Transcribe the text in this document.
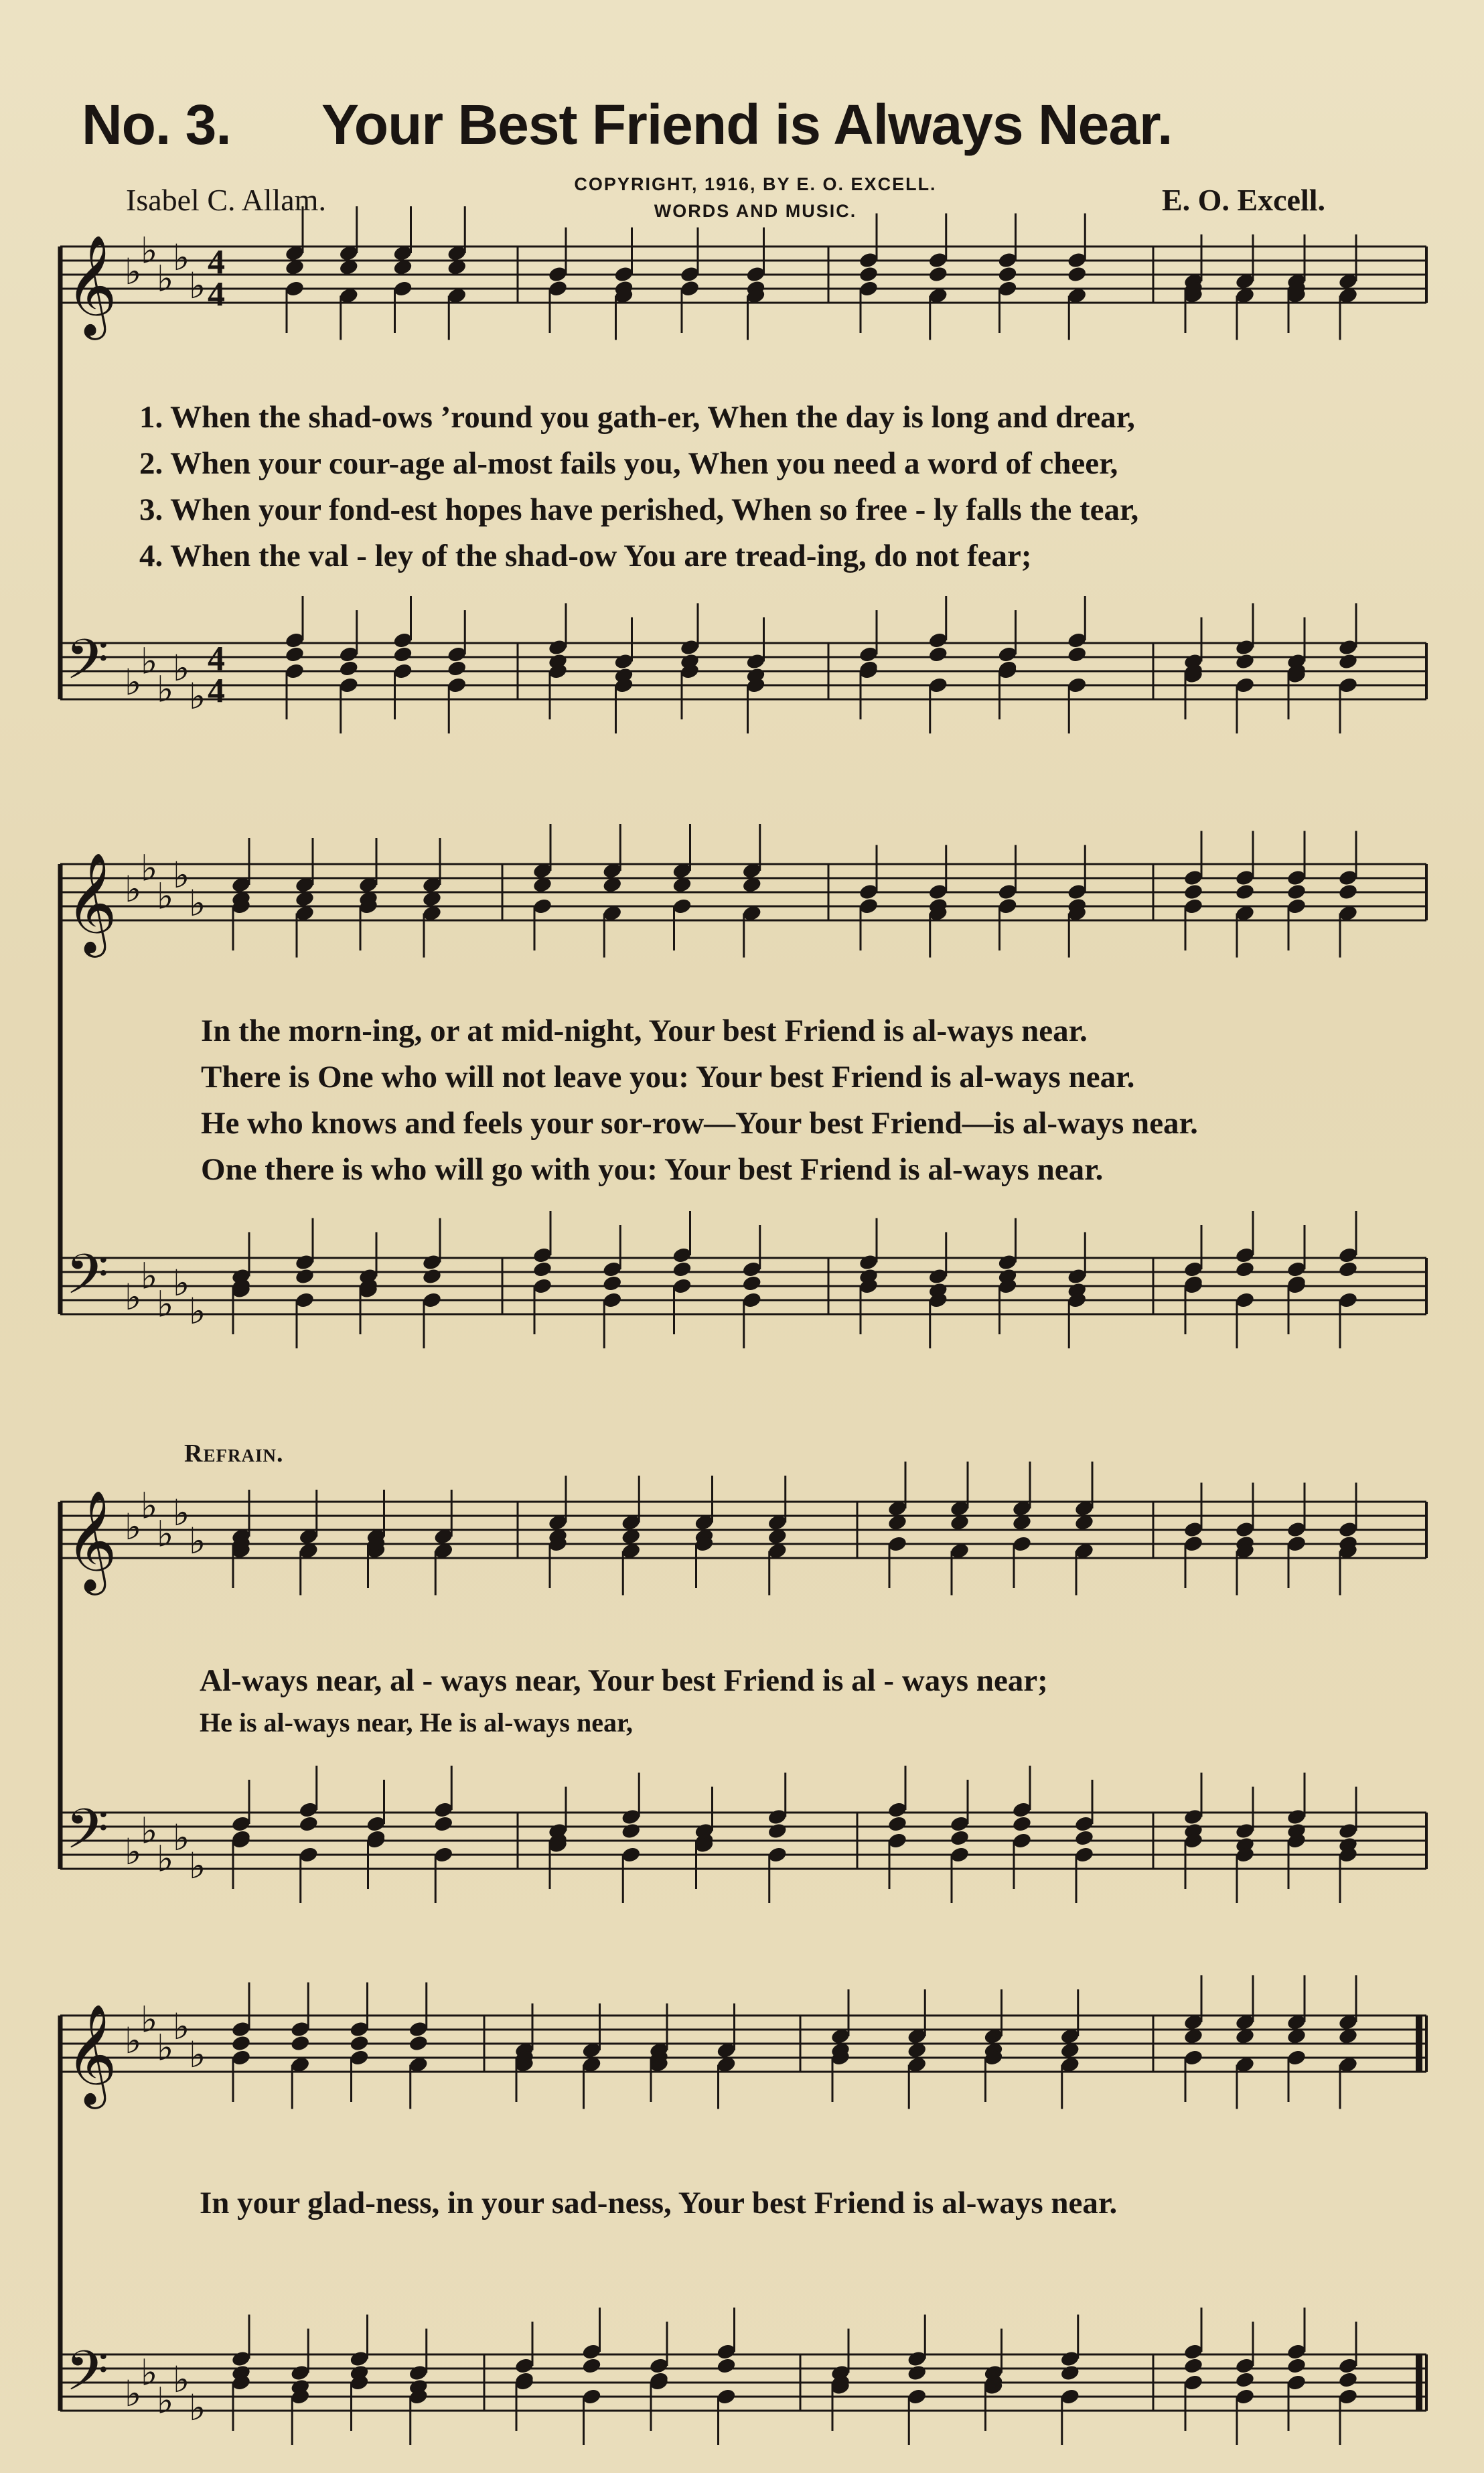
No. 3. Your Best Friend is Always Near.
Isabel C. Allam.	COPYRIGHT, 1916, BY E. O. EXCELL.
WORDS AND MUSIC.	E. O. Excell.
𝄞 ♭
♭
♭
♭
♭
4
4
𝄢 ♭
♭
♭
♭
♭
4
4
𝄞 ♭
♭
♭
♭
♭
𝄢 ♭
♭
♭
♭
♭
𝄞 ♭
♭
♭
♭
♭
𝄢 ♭
♭
♭
♭
♭
𝄞 ♭
♭
♭
♭
♭
𝄢 ♭
♭
♭
♭
♭
1. When the shad-ows ’round you gath-er, When the day is long and drear,
2. When your cour-age al-most fails you, When you need a word of cheer,
3. When your fond-est hopes have perished, When so free - ly falls the tear,
4. When the val - ley of the shad-ow You are tread-ing, do not fear;
In the morn-ing, or at mid-night, Your best Friend is al-ways near.
There is One who will not leave you: Your best Friend is al-ways near.
He who knows and feels your sor-row—Your best Friend—is al-ways near.
One there is who will go with you: Your best Friend is al-ways near.
Refrain.
Al-ways near, al - ways near, Your best Friend is al - ways near;
He is al-ways near, He is al-ways near,
In your glad-ness, in your sad-ness, Your best Friend is al-ways near.
